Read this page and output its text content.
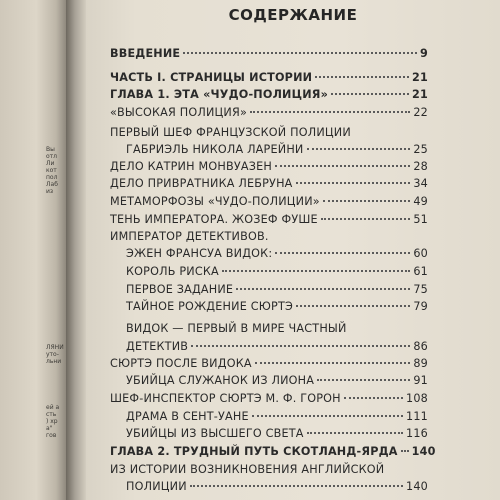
Вы
отл
Ли
кот
пол
Лаб
из
ЛЯНИ
уто-
льни
ей а
сть
) хр
а"
гов
СОДЕРЖАНИЕ
ВВЕДЕНИЕ	9
ЧАСТЬ I. СТРАНИЦЫ ИСТОРИИ	21
ГЛАВА 1. ЭТА «ЧУДО-ПОЛИЦИЯ»	21
«ВЫСОКАЯ ПОЛИЦИЯ»	22
ПЕРВЫЙ ШЕФ ФРАНЦУЗСКОЙ ПОЛИЦИИ
ГАБРИЭЛЬ НИКОЛА ЛАРЕЙНИ	25
ДЕЛО КАТРИН МОНВУАЗЕН	28
ДЕЛО ПРИВРАТНИКА ЛЕБРУНА	34
МЕТАМОРФОЗЫ «ЧУДО-ПОЛИЦИИ»	49
ТЕНЬ ИМПЕРАТОРА. ЖОЗЕФ ФУШЕ	51
ИМПЕРАТОР ДЕТЕКТИВОВ.
ЭЖЕН ФРАНСУА ВИДОК:	60
КОРОЛЬ РИСКА	61
ПЕРВОЕ ЗАДАНИЕ	75
ТАЙНОЕ РОЖДЕНИЕ СЮРТЭ	79
ВИДОК — ПЕРВЫЙ В МИРЕ ЧАСТНЫЙ
ДЕТЕКТИВ	86
СЮРТЭ ПОСЛЕ ВИДОКА	89
УБИЙЦА СЛУЖАНОК ИЗ ЛИОНА	91
ШЕФ-ИНСПЕКТОР СЮРТЭ М. Ф. ГОРОН	108
ДРАМА В СЕНТ-УАНЕ	111
УБИЙЦЫ ИЗ ВЫСШЕГО СВЕТА	116
ГЛАВА 2. ТРУДНЫЙ ПУТЬ СКОТЛАНД-ЯРДА 140
ИЗ ИСТОРИИ ВОЗНИКНОВЕНИЯ АНГЛИЙСКОЙ
ПОЛИЦИИ	140
